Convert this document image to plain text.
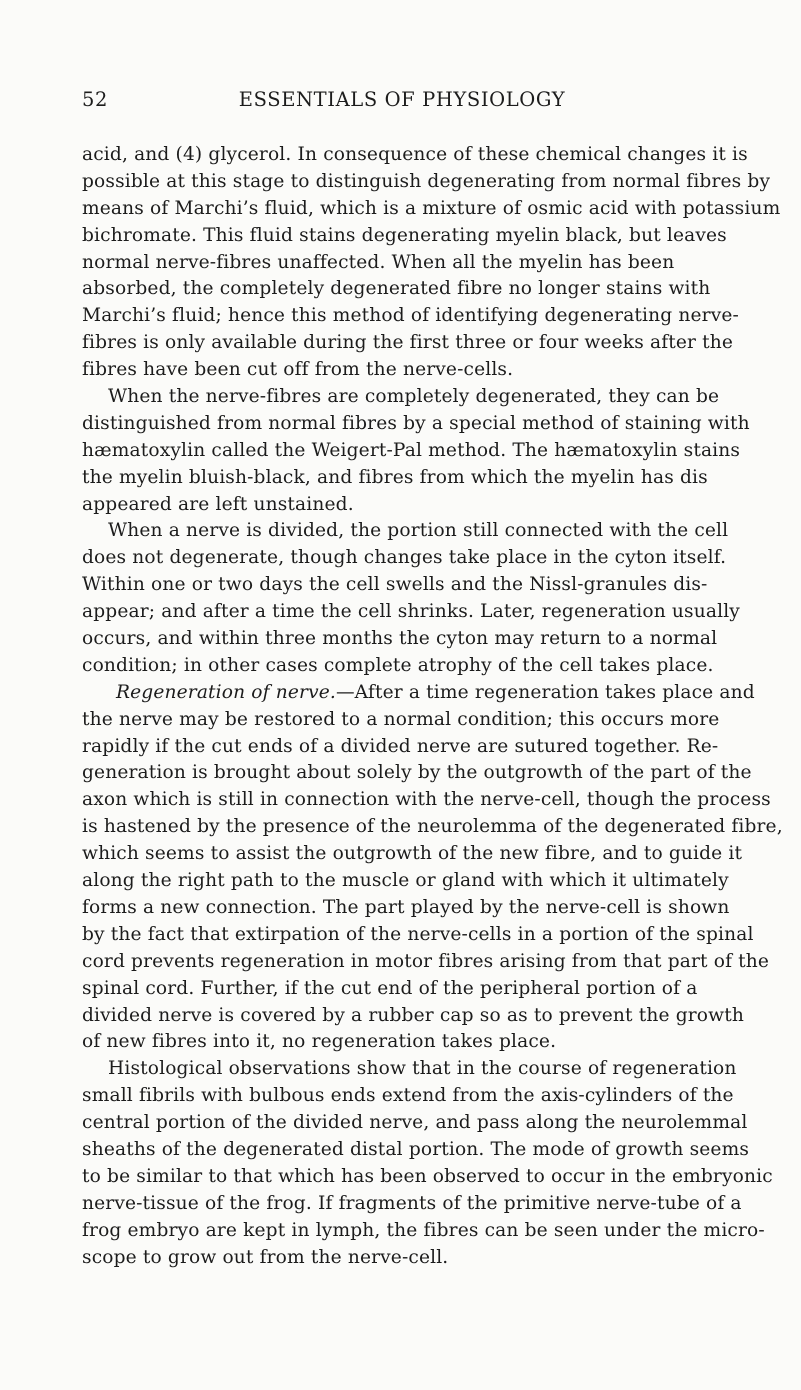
52	ESSENTIALS OF PHYSIOLOGY
acid, and (4) glycerol. In consequence of these chemical changes it is
possible at this stage to distinguish degenerating from normal fibres by
means of Marchi’s fluid, which is a mixture of osmic acid with potassium
bichromate. This fluid stains degenerating myelin black, but leaves
normal nerve-fibres unaffected. When all the myelin has been
absorbed, the completely degenerated fibre no longer stains with
Marchi’s fluid; hence this method of identifying degenerating nerve-
fibres is only available during the first three or four weeks after the
fibres have been cut off from the nerve-cells.
When the nerve-fibres are completely degenerated, they can be
distinguished from normal fibres by a special method of staining with
hæmatoxylin called the Weigert-Pal method. The hæmatoxylin stains
the myelin bluish-black, and fibres from which the myelin has dis
appeared are left unstained.
When a nerve is divided, the portion still connected with the cell
does not degenerate, though changes take place in the cyton itself.
Within one or two days the cell swells and the Nissl-granules dis-
appear; and after a time the cell shrinks. Later, regeneration usually
occurs, and within three months the cyton may return to a normal
condition; in other cases complete atrophy of the cell takes place.
Regeneration of nerve.—After a time regeneration takes place and
the nerve may be restored to a normal condition; this occurs more
rapidly if the cut ends of a divided nerve are sutured together. Re-
generation is brought about solely by the outgrowth of the part of the
axon which is still in connection with the nerve-cell, though the process
is hastened by the presence of the neurolemma of the degenerated fibre,
which seems to assist the outgrowth of the new fibre, and to guide it
along the right path to the muscle or gland with which it ultimately
forms a new connection. The part played by the nerve-cell is shown
by the fact that extirpation of the nerve-cells in a portion of the spinal
cord prevents regeneration in motor fibres arising from that part of the
spinal cord. Further, if the cut end of the peripheral portion of a
divided nerve is covered by a rubber cap so as to prevent the growth
of new fibres into it, no regeneration takes place.
Histological observations show that in the course of regeneration
small fibrils with bulbous ends extend from the axis-cylinders of the
central portion of the divided nerve, and pass along the neurolemmal
sheaths of the degenerated distal portion. The mode of growth seems
to be similar to that which has been observed to occur in the embryonic
nerve-tissue of the frog. If fragments of the primitive nerve-tube of a
frog embryo are kept in lymph, the fibres can be seen under the micro-
scope to grow out from the nerve-cell.
